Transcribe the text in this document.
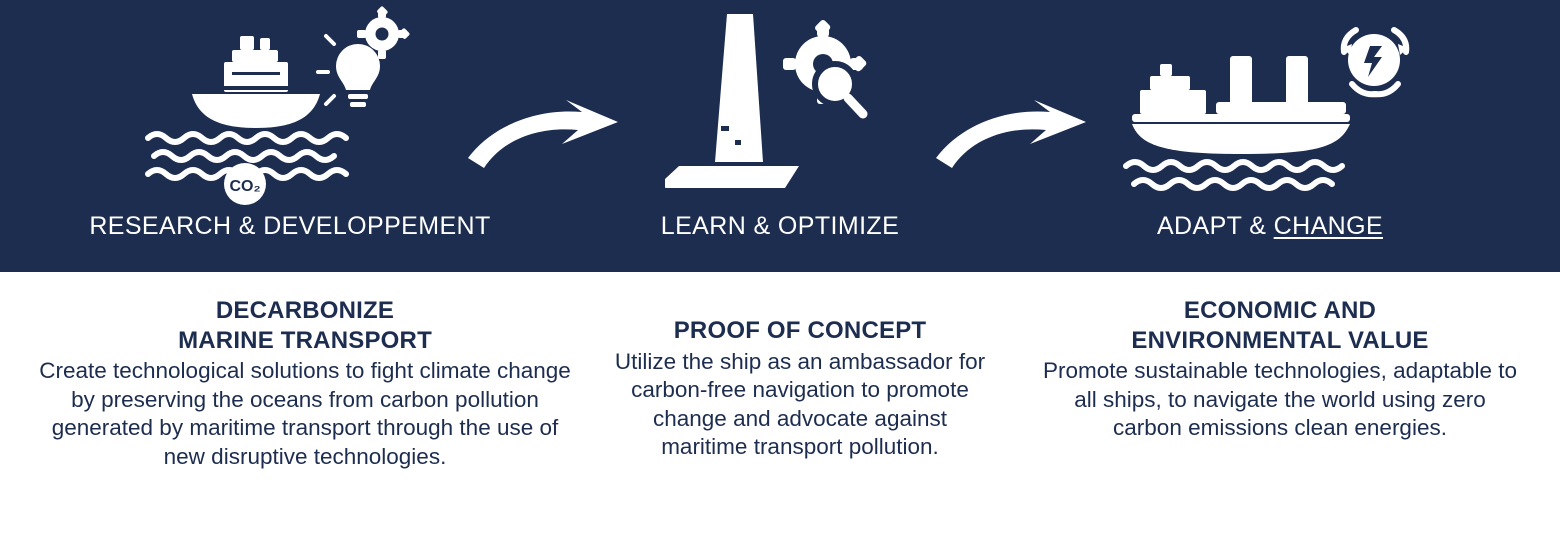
CO₂
RESEARCH & DEVELOPPEMENT	LEARN & OPTIMIZE	ADAPT & CHANGE
DECARBONIZE
MARINE TRANSPORT

Create technological solutions to fight climate change by preserving the oceans from carbon pollution generated by maritime transport through the use of new disruptive technologies.

PROOF OF CONCEPT

Utilize the ship as an ambassador for carbon-free navigation to promote change and advocate against maritime transport pollution.

ECONOMIC AND
ENVIRONMENTAL VALUE

Promote sustainable technologies, adaptable to all ships, to navigate the world using zero carbon emissions clean energies.
